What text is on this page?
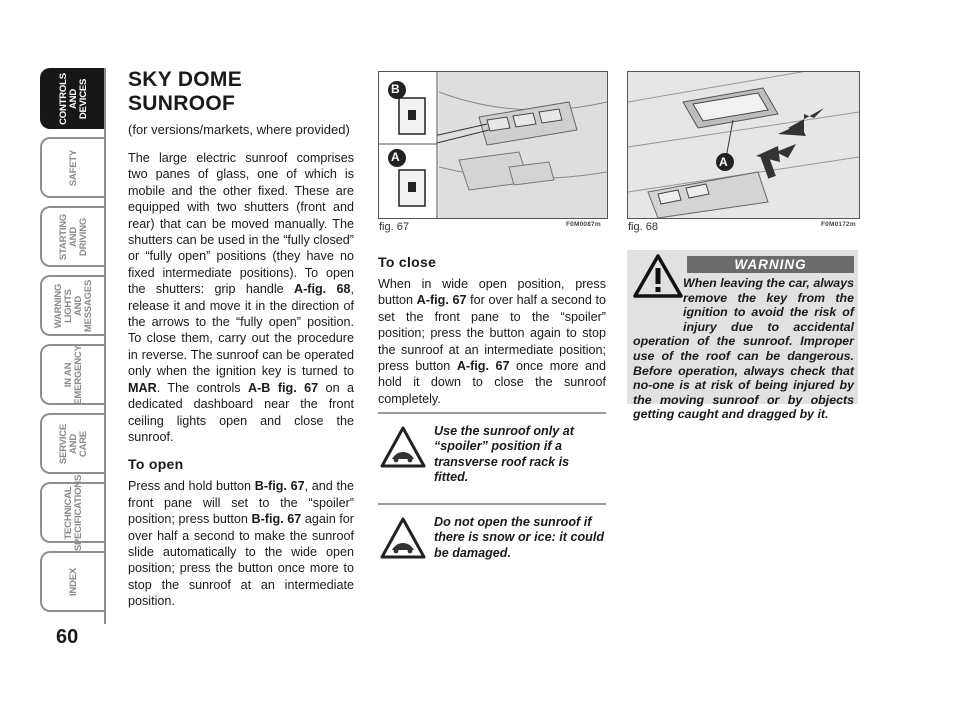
CONTROLS
AND DEVICES
SAFETY
STARTING
AND DRIVING
WARNING
LIGHTS AND
MESSAGES
IN AN
EMERGENCY
SERVICE
AND CARE
TECHNICAL
SPECIFICATIONS
INDEX
60
SKY DOME SUNROOF

(for versions/markets, where provided)

The large electric sunroof comprises two panes of glass, one of which is mobile and the other fixed. These are equipped with two shutters (front and rear) that can be moved manually. The shutters can be used in the “fully closed” or “fully open” positions (they have no fixed intermediate positions). To open the shutters: grip handle A-fig. 68, release it and move it in the direction of the arrows to the “fully open” position. To close them, carry out the procedure in reverse. The sunroof can be operated only when the ignition key is turned to MAR. The controls A-B fig. 67 on a dedicated dashboard near the front ceiling lights open and close the sunroof.

To open

Press and hold button B-fig. 67, and the front pane will set to the “spoiler” position; press button B-fig. 67 again for over half a second to make the sunroof slide automatically to the wide open position; press the button once more to stop the sunroof at an intermediate position.

B
A
fig. 67	F0M0087m
A
fig. 68	F0M0172m
To close

When in wide open position, press button A-fig. 67 for over half a second to set the front pane to the “spoiler” position; press the button again to stop the sunroof at an intermediate position; press button A-fig. 67 once more and hold it down to close the sunroof completely.

Use the sunroof only at “spoiler” position if a transverse roof rack is fitted.
Do not open the sunroof if there is snow or ice: it could be damaged.
WARNING
When leaving the car, always remove the key from the ignition to avoid the risk of injury due to accidental operation of the sunroof. Improper use of the roof can be dangerous. Before operation, always check that no-one is at risk of being injured by the moving sunroof or by objects getting caught and dragged by it.
